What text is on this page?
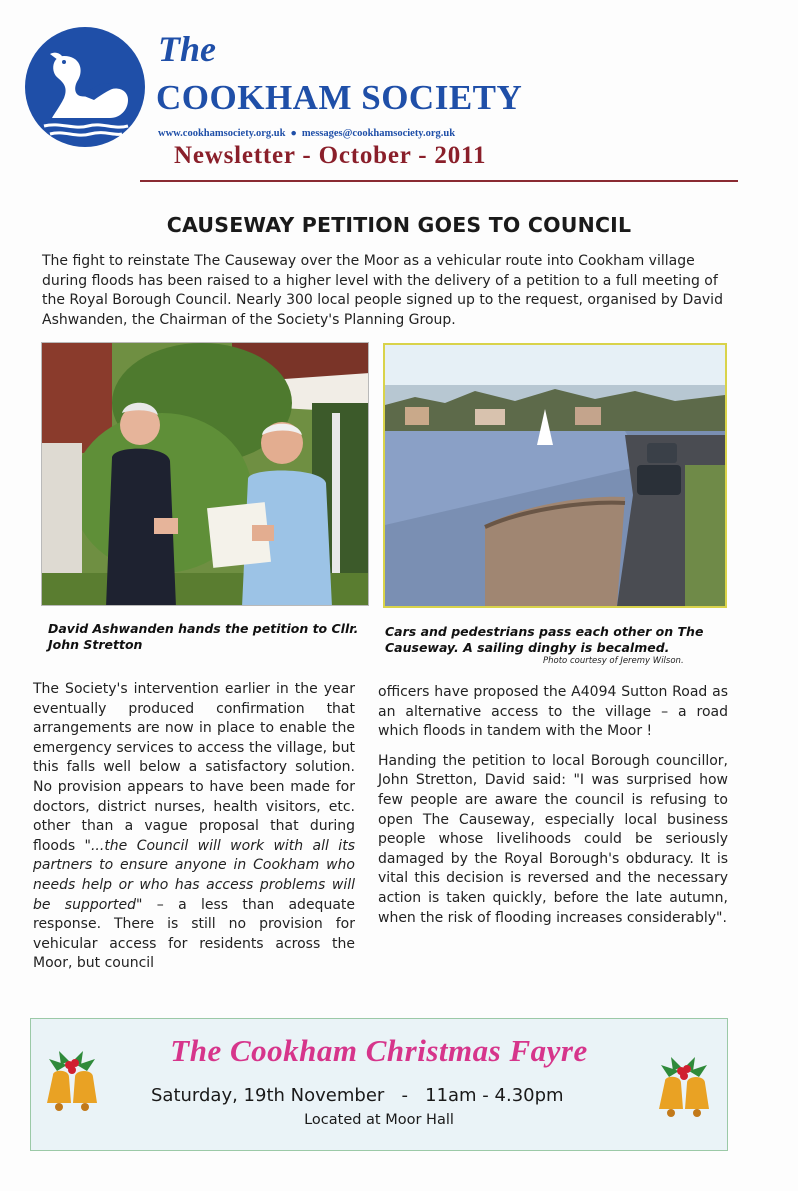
The
COOKHAM SOCIETY
www.cookhamsociety.org.uk ● messages@cookhamsociety.org.uk
Newsletter - October - 2011
CAUSEWAY PETITION GOES TO COUNCIL
The fight to reinstate The Causeway over the Moor as a vehicular route into Cookham village during floods has been raised to a higher level with the delivery of a petition to a full meeting of the Royal Borough Council. Nearly 300 local people signed up to the request, organised by David Ashwanden, the Chairman of the Society's Planning Group.
David Ashwanden hands the petition to Cllr. John Stretton
Cars and pedestrians pass each other on The Causeway. A sailing dinghy is becalmed.
Photo courtesy of Jeremy Wilson.
The Society's intervention earlier in the year eventually produced confirmation that arrangements are now in place to enable the emergency services to access the village, but this falls well below a satisfactory solution. No provision appears to have been made for doctors, district nurses, health visitors, etc. other than a vague proposal that during floods "...the Council will work with all its partners to ensure anyone in Cookham who needs help or who has access problems will be supported" – a less than adequate response. There is still no provision for vehicular access for residents across the Moor, but council

officers have proposed the A4094 Sutton Road as an alternative access to the village – a road which floods in tandem with the Moor !

Handing the petition to local Borough councillor, John Stretton, David said: "I was surprised how few people are aware the council is refusing to open The Causeway, especially local business people whose livelihoods could be seriously damaged by the Royal Borough's obduracy. It is vital this decision is reversed and the necessary action is taken quickly, before the late autumn, when the risk of flooding increases considerably".

The Cookham Christmas Fayre
Saturday, 19th November   -   11am - 4.30pm
Located at Moor Hall
